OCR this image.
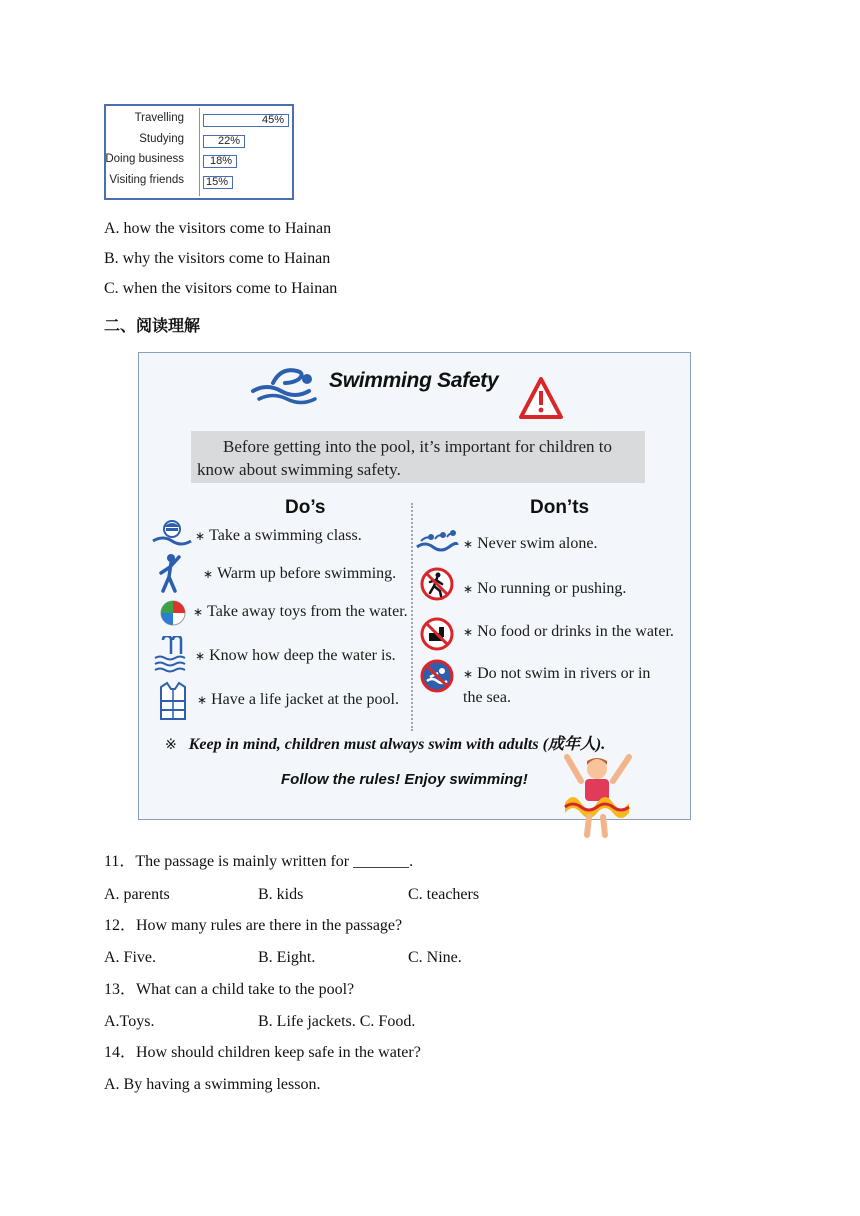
Travelling	45%
Studying	22%
Doing business 18%
Visiting friends 15%
A. how the visitors come to Hainan
B. why the visitors come to Hainan
C. when the visitors come to Hainan
二、阅读理解
Swimming Safety
Before getting into the pool, it’s important for children to
know about swimming safety.
Do’s	Don’ts
∗ Take a swimming class.
∗ Warm up before swimming.
∗ Take away toys from the water.
∗ Know how deep the water is.
∗ Have a life jacket at the pool.
∗ Never swim alone.
∗ No running or pushing.
∗ No food or drinks in the water.
∗ Do not swim in rivers or in
the sea.
※ Keep in mind, children must always swim with adults (成年人).
Follow the rules! Enjoy swimming!
11．The passage is mainly written for _______.
A. parents	B. kids	C. teachers
12．How many rules are there in the passage?
A. Five.	B. Eight.	C. Nine.
13．What can a child take to the pool?
A.Toys.	B. Life jackets. C. Food.
14．How should children keep safe in the water?
A. By having a swimming lesson.
